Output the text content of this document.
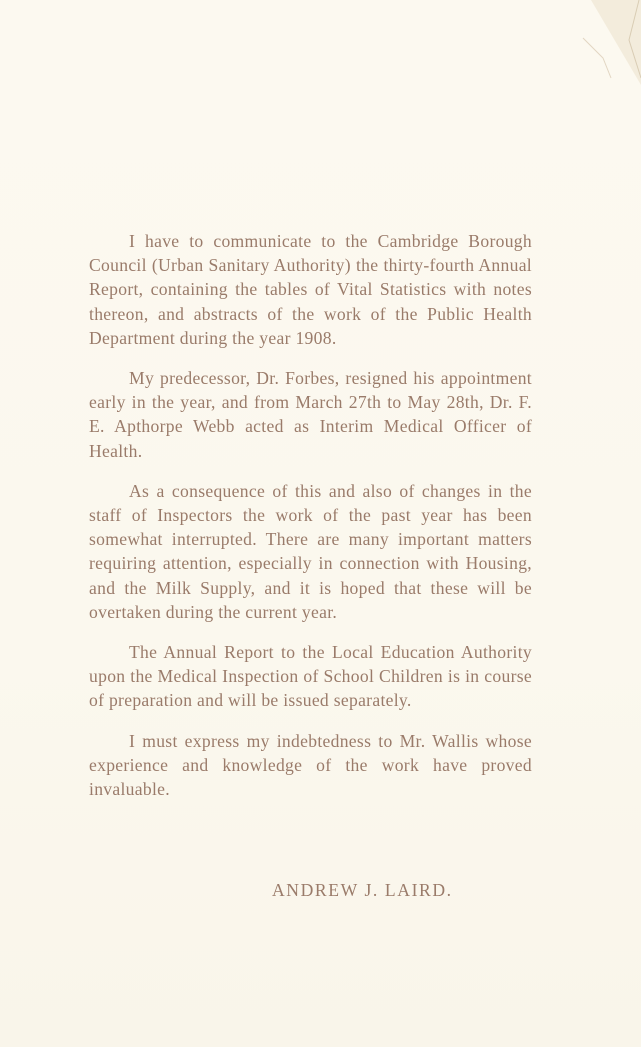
I have to communicate to the Cambridge Borough Council (Urban Sanitary Authority) the thirty-fourth Annual Report, containing the tables of Vital Statistics with notes thereon, and abstracts of the work of the Public Health Department during the year 1908.

My predecessor, Dr. Forbes, resigned his appointment early in the year, and from March 27th to May 28th, Dr. F. E. Apthorpe Webb acted as Interim Medical Officer of Health.

As a consequence of this and also of changes in the staff of Inspectors the work of the past year has been somewhat interrupted. There are many important matters requiring attention, especially in connection with Housing, and the Milk Supply, and it is hoped that these will be overtaken during the current year.

The Annual Report to the Local Education Authority upon the Medical Inspection of School Children is in course of preparation and will be issued separately.

I must express my indebtedness to Mr. Wallis whose experience and knowledge of the work have proved invaluable.

ANDREW J. LAIRD.
